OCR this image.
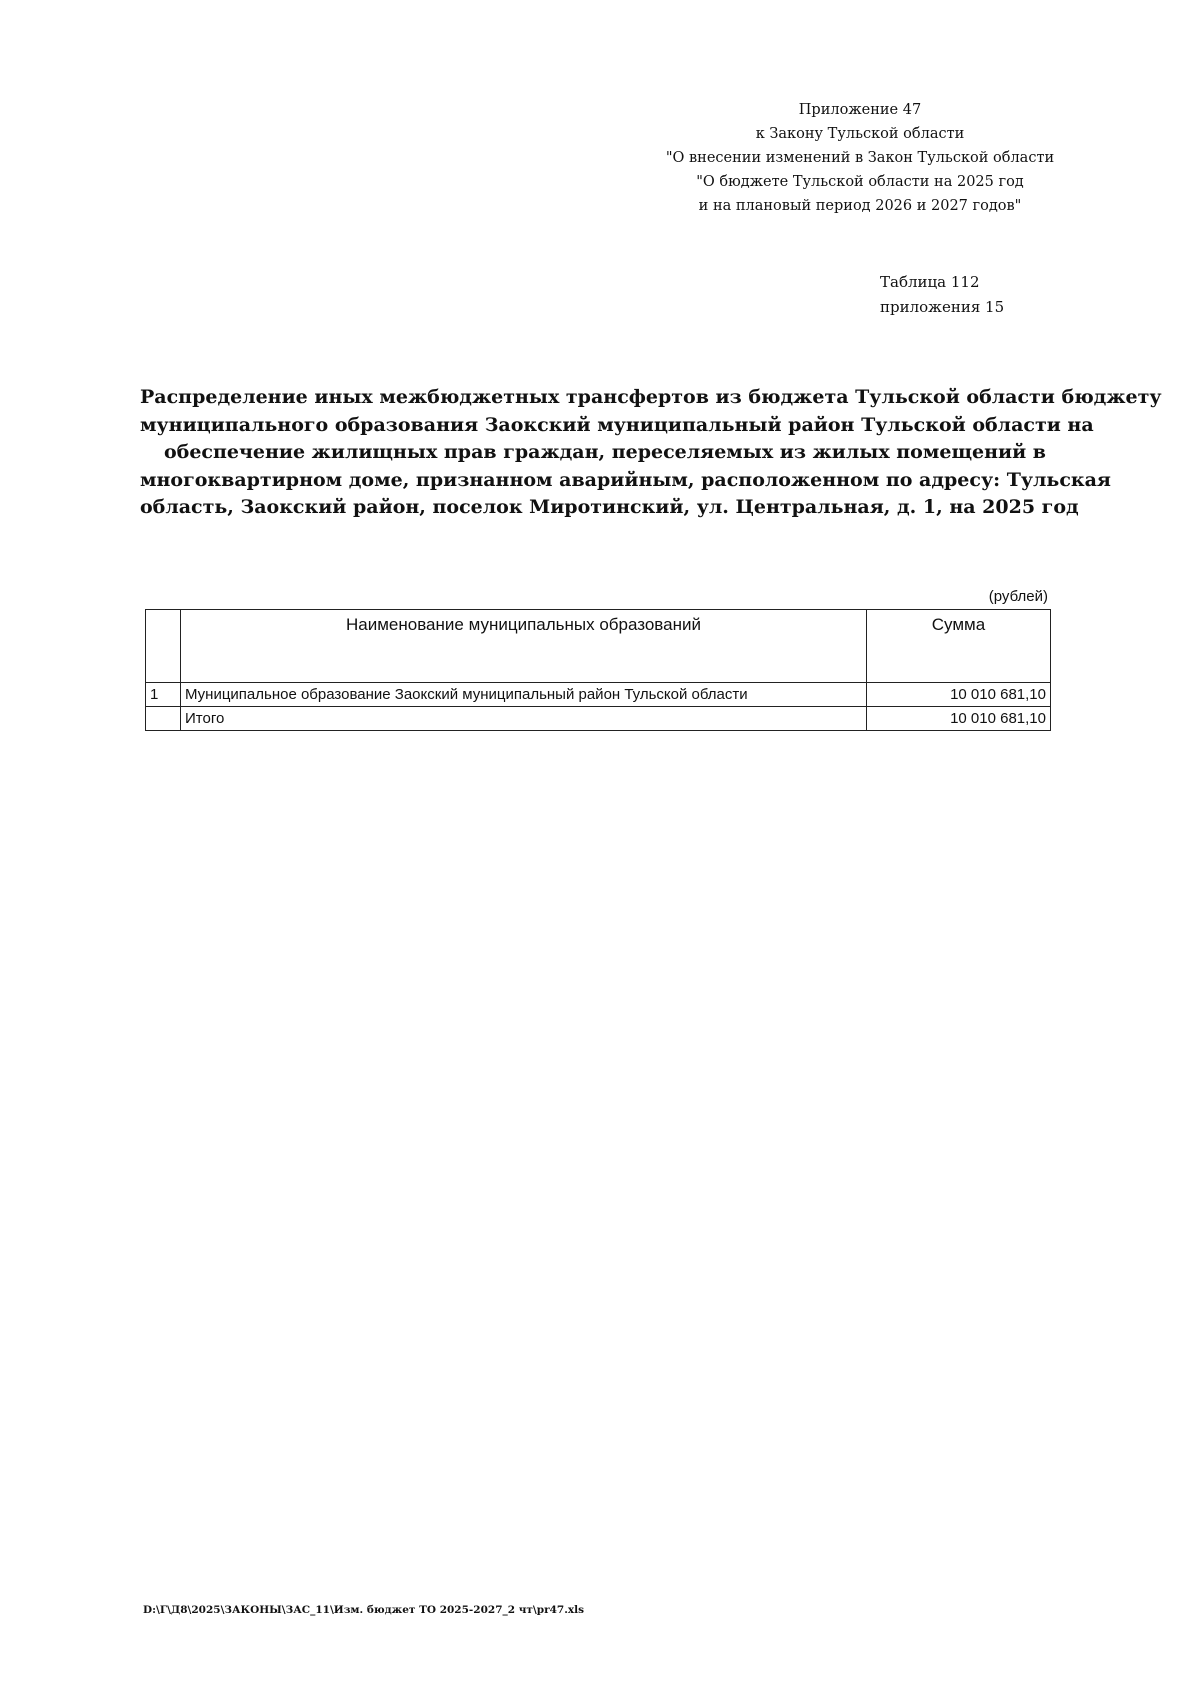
Приложение 47
к Закону Тульской области
"О внесении изменений в Закон Тульской области
"О бюджете Тульской области на 2025 год
и на плановый период 2026 и 2027 годов"
Таблица 112
приложения 15
Распределение иных межбюджетных трансфертов из бюджета Тульской области бюджету
муниципального образования Заокский муниципальный район Тульской области на
обеспечение жилищных прав граждан, переселяемых из жилых помещений в
многоквартирном доме, признанном аварийным, расположенном по адресу: Тульская
область, Заокский район, поселок Миротинский, ул. Центральная, д. 1, на 2025 год
(рублей)
	Наименование муниципальных образований	Сумма
1	Муниципальное образование Заокский муниципальный район Тульской области	10 010 681,10
	Итого	10 010 681,10
D:\Г\Д8\2025\ЗАКОНЫ\ЗАС_11\Изм. бюджет ТО 2025-2027_2 чт\pr47.xls
